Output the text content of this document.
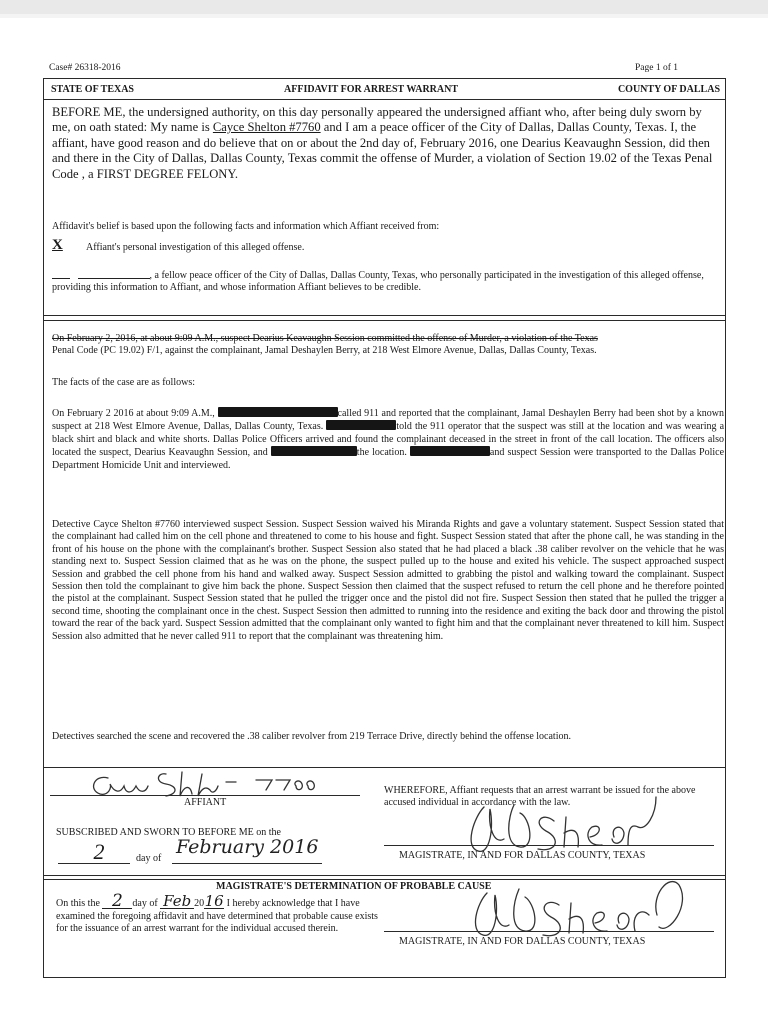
Case# 26318-2016	Page 1 of 1
STATE OF TEXAS	AFFIDAVIT FOR ARREST WARRANT	COUNTY OF DALLAS
BEFORE ME, the undersigned authority, on this day personally appeared the undersigned affiant who, after being duly sworn by me, on oath stated: My name is Cayce Shelton #7760 and I am a peace officer of the City of Dallas, Dallas County, Texas. I, the affiant, have good reason and do believe that on or about the 2nd day of, February 2016, one Dearius Keavaughn Session, did then and there in the City of Dallas, Dallas County, Texas commit the offense of Murder, a violation of Section 19.02 of the Texas Penal Code , a FIRST DEGREE FELONY.
Affidavit's belief is based upon the following facts and information which Affiant received from:
X Affiant's personal investigation of this alleged offense.
, a fellow peace officer of the City of Dallas, Dallas County, Texas, who personally participated in the investigation of this alleged offense, providing this information to Affiant, and whose information Affiant believes to be credible.
On February 2, 2016, at about 9:09 A.M., suspect Dearius Keavaughn Session committed the offense of Murder, a violation of the Texas
Penal Code (PC 19.02) F/1, against the complainant, Jamal Deshaylen Berry, at 218 West Elmore Avenue, Dallas, Dallas County, Texas.
The facts of the case are as follows:
On February 2 2016 at about 9:09 A.M.,	called 911 and reported that the complainant, Jamal Deshaylen Berry had been shot by a known suspect at 218 West Elmore Avenue, Dallas, Dallas County, Texas.	told the 911 operator that the suspect was still at the location and was wearing a black shirt and black and white shorts. Dallas Police Officers arrived and found the complainant deceased in the street in front of the call location. The officers also located the suspect, Dearius Keavaughn Session, and	the location.	and suspect Session were transported to the Dallas Police Department Homicide Unit and interviewed.
Detective Cayce Shelton #7760 interviewed suspect Session. Suspect Session waived his Miranda Rights and gave a voluntary statement. Suspect Session stated that the complainant had called him on the cell phone and threatened to come to his house and fight. Suspect Session stated that after the phone call, he was standing in the front of his house on the phone with the complainant's brother. Suspect Session also stated that he had placed a black .38 caliber revolver on the vehicle that he was standing next to. Suspect Session claimed that as he was on the phone, the suspect pulled up to the house and exited his vehicle. The suspect approached suspect Session and grabbed the cell phone from his hand and walked away. Suspect Session admitted to grabbing the pistol and walking toward the complainant. Suspect Session then told the complainant to give him back the phone. Suspect Session then claimed that the suspect refused to return the cell phone and he therefore pointed the pistol at the complainant. Suspect Session stated that he pulled the trigger once and the pistol did not fire. Suspect Session then stated that he pulled the trigger a second time, shooting the complainant once in the chest. Suspect Session then admitted to running into the residence and exiting the back door and throwing the pistol toward the rear of the back yard. Suspect Session admitted that the complainant only wanted to fight him and that the complainant never threatened to kill him. Suspect Session also admitted that he never called 911 to report that the complainant was threatening him.
Detectives searched the scene and recovered the .38 caliber revolver from 219 Terrace Drive, directly behind the offense location.
AFFIANT
WHEREFORE, Affiant requests that an arrest warrant be issued for the above accused individual in accordance with the law.
SUBSCRIBED AND SWORN TO BEFORE ME on the
2	day of
February 2016	MAGISTRATE, IN AND FOR DALLAS COUNTY, TEXAS
MAGISTRATE'S DETERMINATION OF PROBABLE CAUSE
On this the 2 day of Feb 2016 I hereby acknowledge that I have examined the foregoing affidavit and have determined that probable cause exists for the issuance of an arrest warrant for the individual accused therein.
MAGISTRATE, IN AND FOR DALLAS COUNTY, TEXAS
